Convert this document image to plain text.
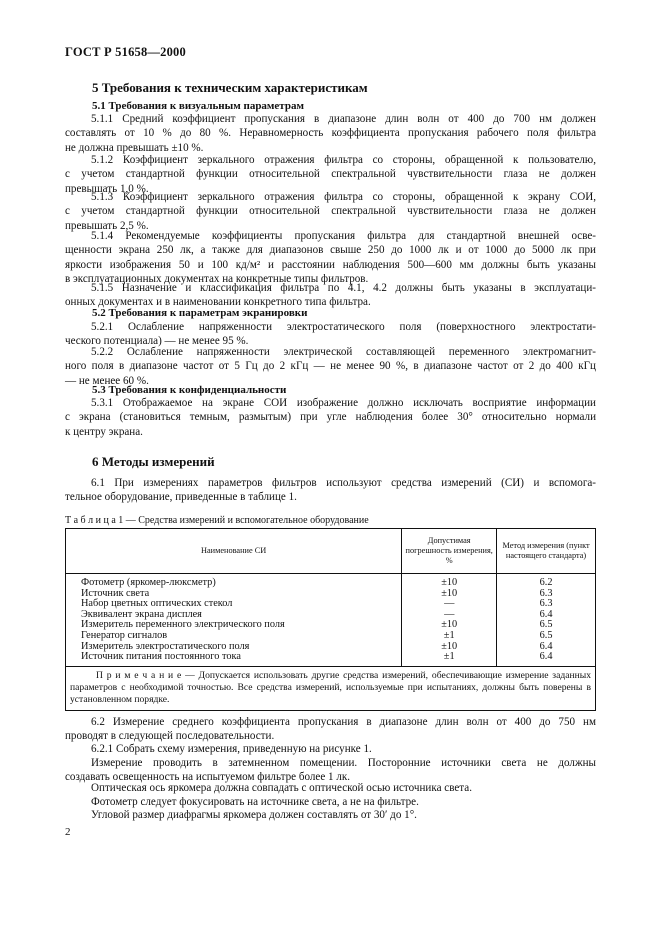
ГОСТ Р 51658—2000
5 Требования к техническим характеристикам
5.1 Требования к визуальным параметрам
5.1.1 Средний коэффициент пропускания в диапазоне длин волн от 400 до 700 нм должен
составлять от 10 % до 80 %. Неравномерность коэффициента пропускания рабочего поля фильтра
не должна превышать ±10 %.
5.1.2 Коэффициент зеркального отражения фильтра со стороны, обращенной к пользователю,
с учетом стандартной функции относительной спектральной чувствительности глаза не должен
превышать 1,0 %.
5.1.3 Коэффициент зеркального отражения фильтра со стороны, обращенной к экрану СОИ,
с учетом стандартной функции относительной спектральной чувствительности глаза не должен
превышать 2,5 %.
5.1.4 Рекомендуемые коэффициенты пропускания фильтра для стандартной внешней осве-
щенности экрана 250 лк, а также для диапазонов свыше 250 до 1000 лк и от 1000 до 5000 лк при
яркости изображения 50 и 100 кд/м² и расстоянии наблюдения 500—600 мм должны быть указаны
в эксплуатационных документах на конкретные типы фильтров.
5.1.5 Назначение и классификация фильтра по 4.1, 4.2 должны быть указаны в эксплуатаци-
онных документах и в наименовании конкретного типа фильтра.
5.2 Требования к параметрам экранировки
5.2.1 Ослабление напряженности электростатического поля (поверхностного электростати-
ческого потенциала) — не менее 95 %.
5.2.2 Ослабление напряженности электрической составляющей переменного электромагнит-
ного поля в диапазоне частот от 5 Гц до 2 кГц — не менее 90 %, в диапазоне частот от 2 до 400 кГц
— не менее 60 %.
5.3 Требования к конфиденциальности
5.3.1 Отображаемое на экране СОИ изображение должно исключать восприятие информации
с экрана (становиться темным, размытым) при угле наблюдения более 30° относительно нормали
к центру экрана.
6 Методы измерений
6.1 При измерениях параметров фильтров используют средства измерений (СИ) и вспомога-
тельное оборудование, приведенные в таблице 1.
Т а б л и ц а 1 — Средства измерений и вспомогательное оборудование
Наименование СИ	Допустимая погрешность измерения, %	Метод измерения (пункт настоящего стандарта)
Фотометр (яркомер-люксметр)	±10	6.2
Источник света	±10	6.3
Набор цветных оптических стекол	—	6.3
Эквивалент экрана дисплея	—	6.4
Измеритель переменного электрического поля	±10	6.5
Генератор сигналов	±1	6.5
Измеритель электростатического поля	±10	6.4
Источник питания постоянного тока	±1	6.4
П р и м е ч а н и е — Допускается использовать другие средства измерений, обеспечивающие измерение заданных параметров с необходимой точностью. Все средства измерений, используемые при испытаниях, должны быть поверены в установленном порядке.		
6.2 Измерение среднего коэффициента пропускания в диапазоне длин волн от 400 до 750 нм
проводят в следующей последовательности.
6.2.1 Собрать схему измерения, приведенную на рисунке 1.
Измерение проводить в затемненном помещении. Посторонние источники света не должны
создавать освещенность на испытуемом фильтре более 1 лк.
Оптическая ось яркомера должна совпадать с оптической осью источника света.
Фотометр следует фокусировать на источнике света, а не на фильтре.
Угловой размер диафрагмы яркомера должен составлять от 30′ до 1°.
2
